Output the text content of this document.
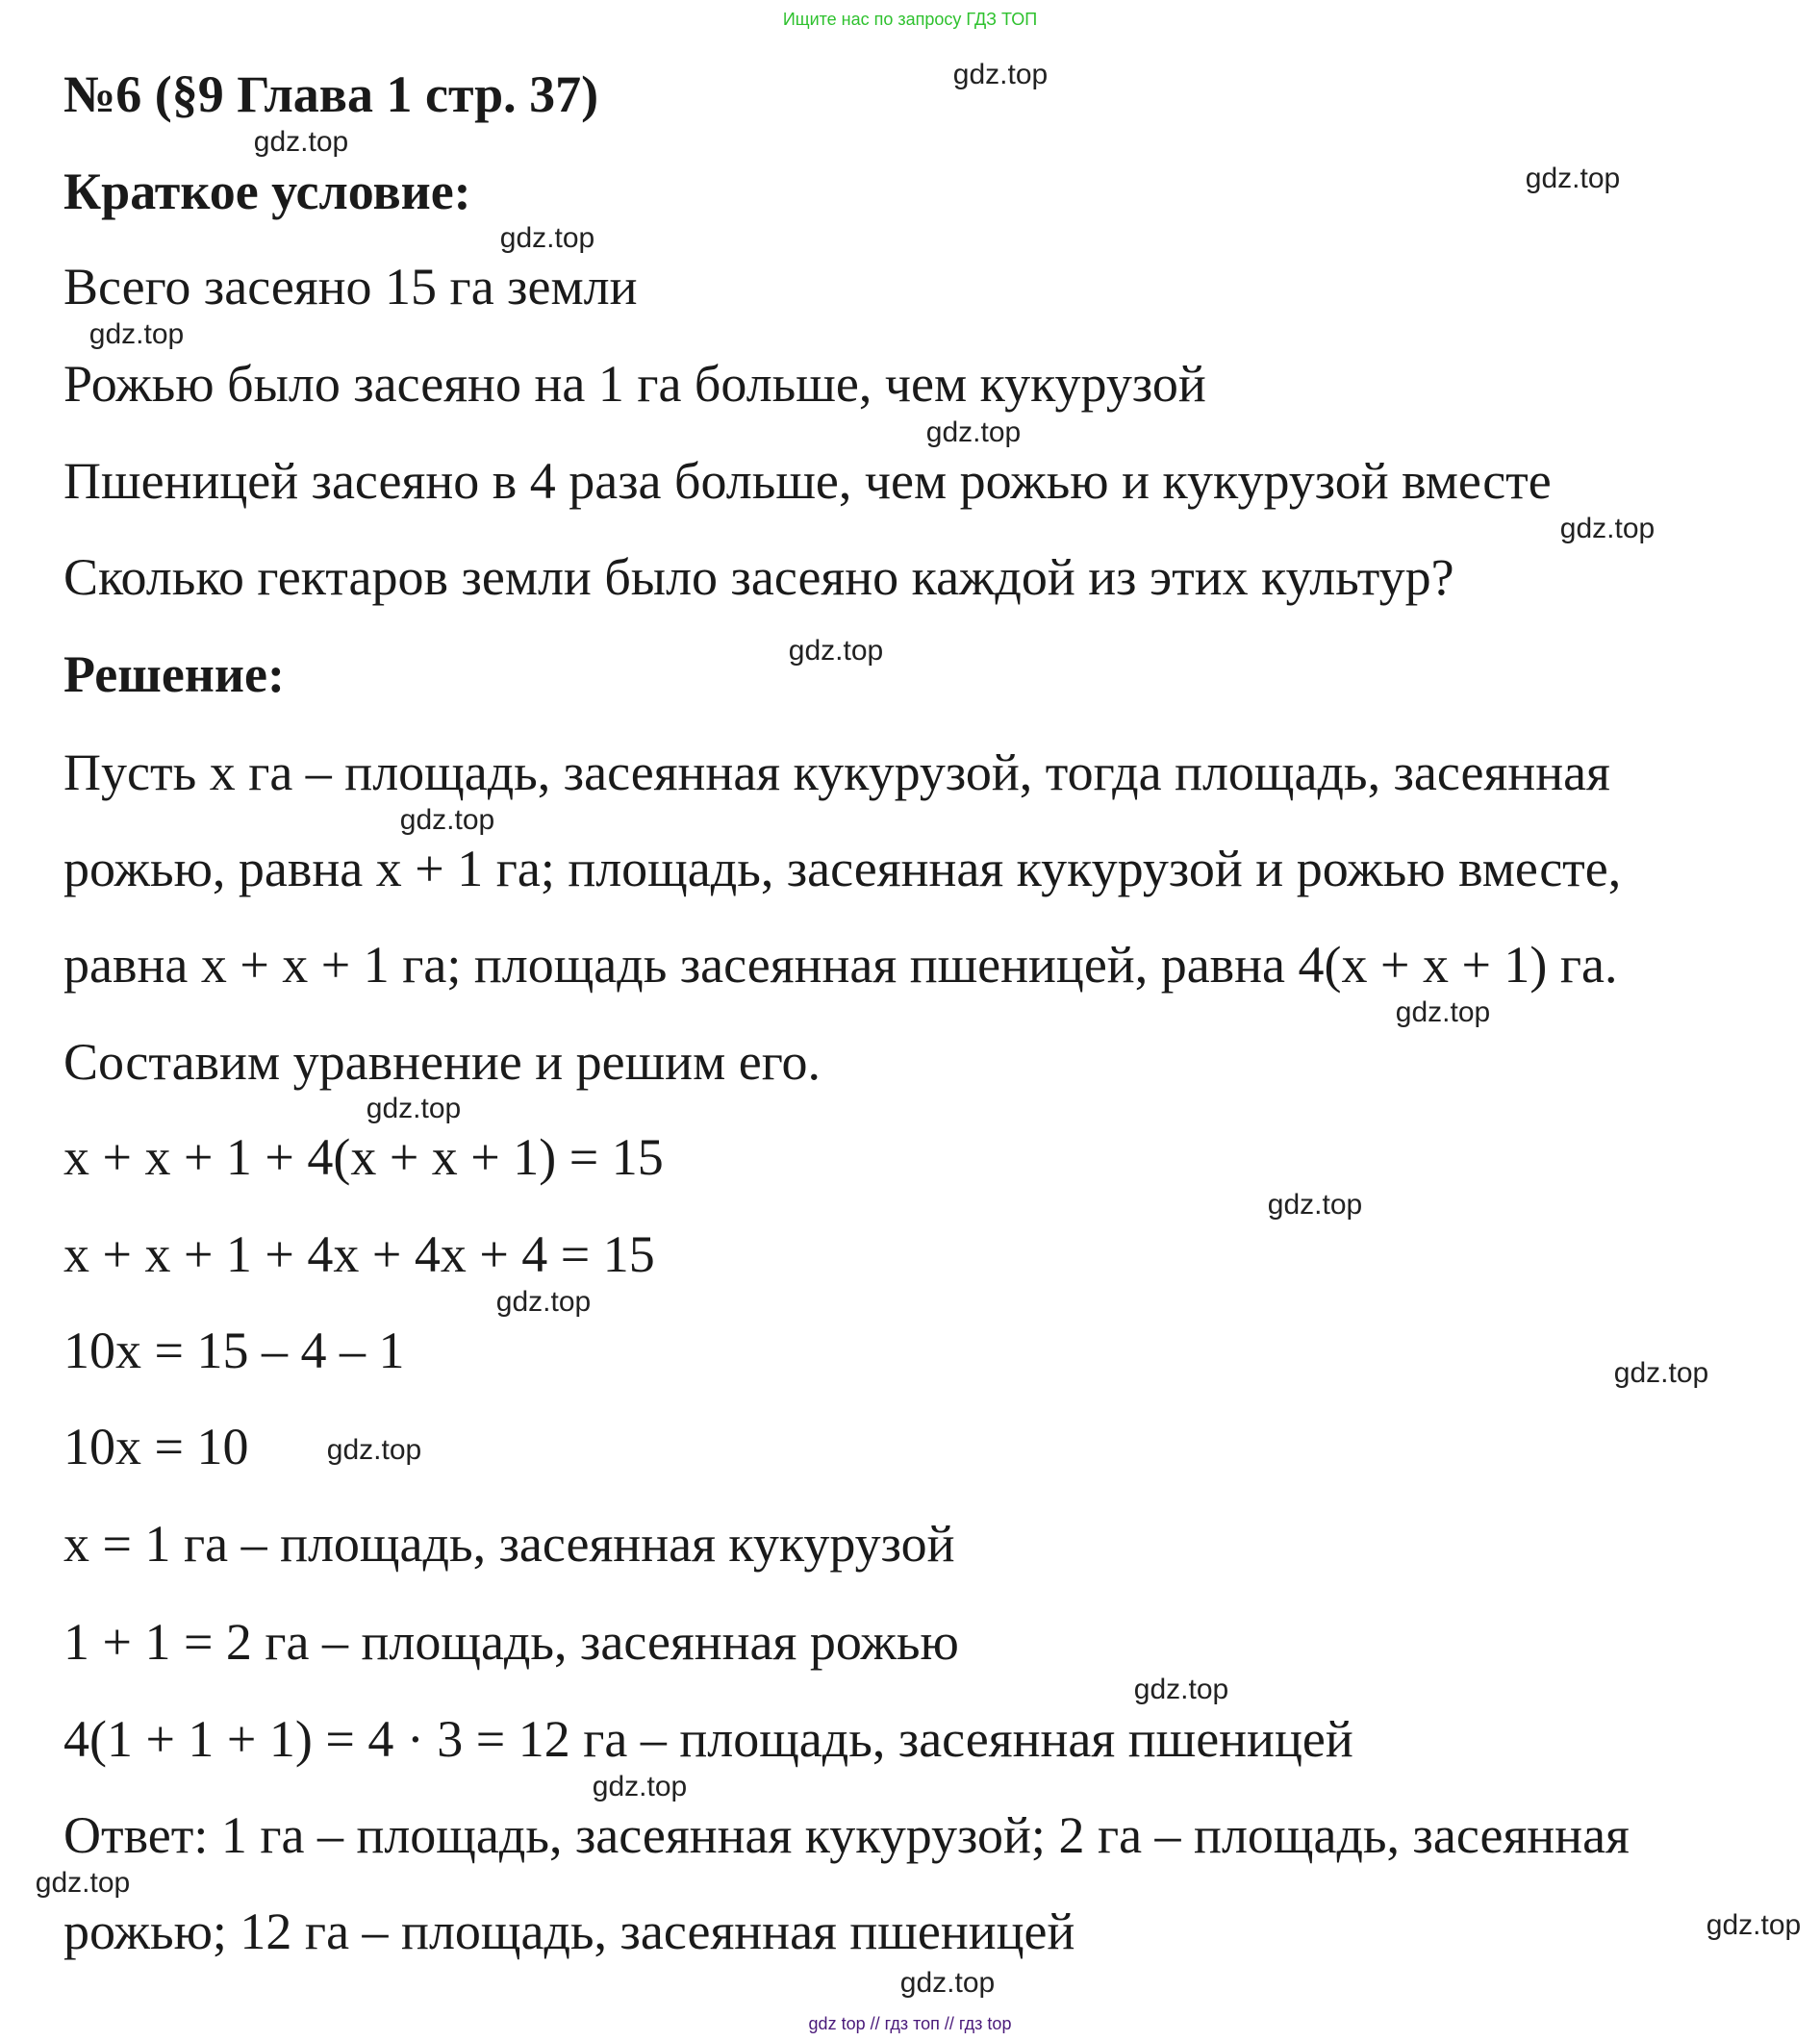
Ищите нас по запросу ГДЗ ТОП
№6 (§9 Глава 1 стр. 37)
Краткое условие:
Всего засеяно 15 га земли
Рожью было засеяно на 1 га больше, чем кукурузой
Пшеницей засеяно в 4 раза больше, чем рожью и кукурузой вместе
Сколько гектаров земли было засеяно каждой из этих культур?
Решение:
Пусть x га – площадь, засеянная кукурузой, тогда площадь, засеянная
рожью, равна x + 1 га; площадь, засеянная кукурузой и рожью вместе,
равна x + x + 1 га; площадь засеянная пшеницей, равна 4(x + x + 1) га.
Составим уравнение и решим его.
x + x + 1 + 4(x + x + 1) = 15
x + x + 1 + 4x + 4x + 4 = 15
10x = 15 – 4 – 1
10x = 10
x = 1 га – площадь, засеянная кукурузой
1 + 1 = 2 га – площадь, засеянная рожью
4(1 + 1 + 1) = 4 · 3 = 12 га – площадь, засеянная пшеницей
Ответ: 1 га – площадь, засеянная кукурузой; 2 га – площадь, засеянная
рожью; 12 га – площадь, засеянная пшеницей
gdz.top
gdz.top
gdz.top
gdz.top
gdz.top
gdz.top
gdz.top
gdz.top
gdz.top
gdz.top
gdz.top
gdz.top
gdz.top
gdz.top
gdz.top
gdz.top
gdz.top
gdz.top
gdz.top
gdz.top
gdz top // гдз топ // гдз top
